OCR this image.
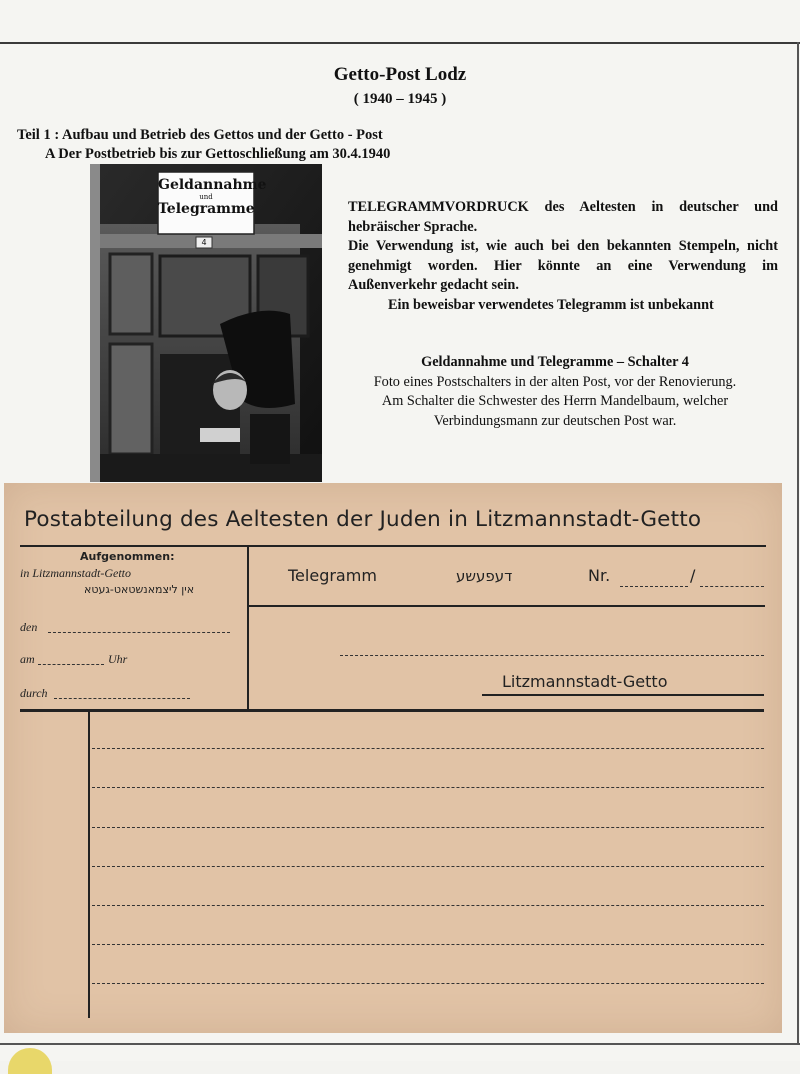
Getto-Post Lodz
( 1940 – 1945 )
Teil 1 : Aufbau und Betrieb des Gettos und der Getto - Post
A Der Postbetrieb bis zur Gettoschließung am 30.4.1940
Geldannahme
und
Telegramme
4

TELEGRAMMVORDRUCK des Aeltesten in deutscher und hebräischer Sprache.

Die Verwendung ist, wie auch bei den bekannten Stempeln, nicht genehmigt worden. Hier könnte an eine Verwendung im Außenverkehr gedacht sein.

Ein beweisbar verwendetes Telegramm ist unbekannt

Geldannahme und Telegramme – Schalter 4
Foto eines Postschalters in der alten Post, vor der Renovierung.
Am Schalter die Schwester des Herrn Mandelbaum, welcher
Verbindungsmann zur deutschen Post war.
Postabteilung des Aeltesten der Juden in Litzmannstadt-Getto
Aufgenommen:
in Litzmannstadt-Getto
אין ליצמאנשטאט-געטא
den
am	Uhr
durch
Telegramm	דעפעשע	Nr.	/
Litzmannstadt-Getto
